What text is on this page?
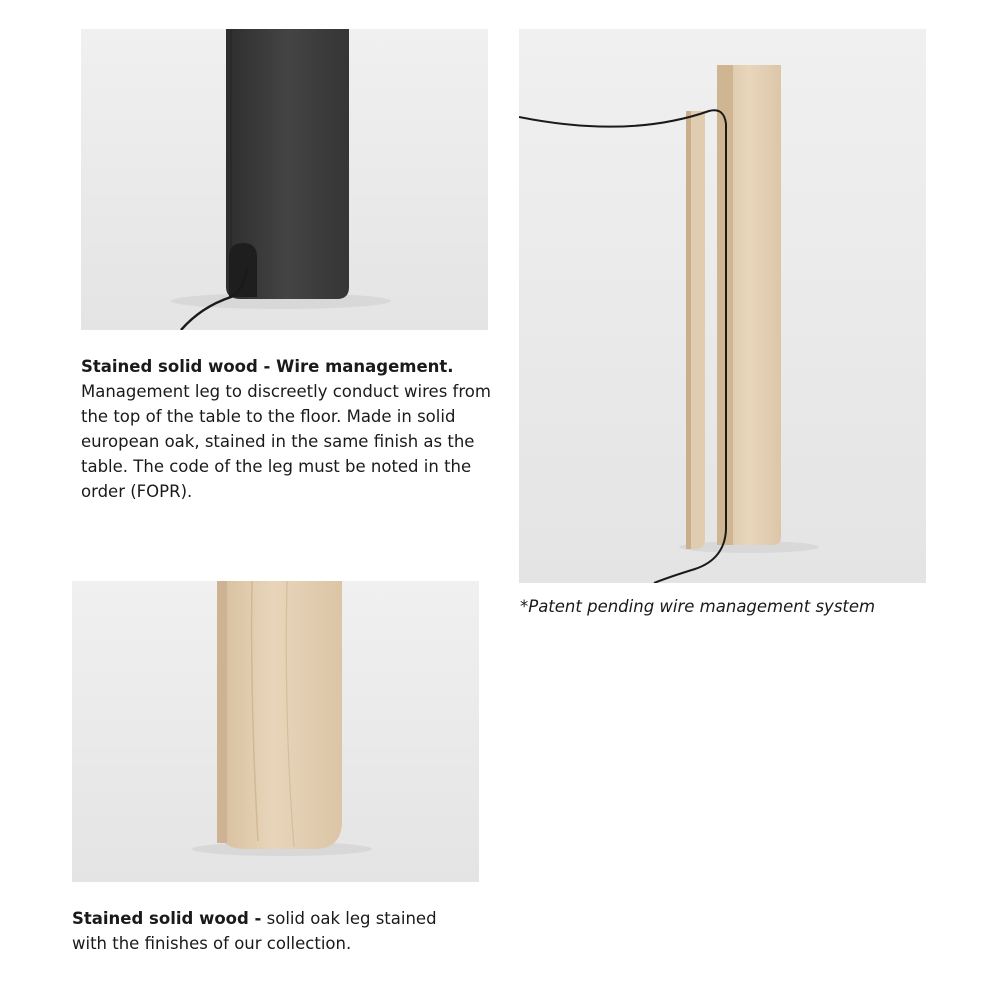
Stained solid wood - Wire management.
Management leg to discreetly conduct wires from the top of the table to the floor. Made in solid european oak, stained in the same finish as the table. The code of the leg must be noted in the order (FOPR).
*Patent pending wire management system
Stained solid wood - solid oak leg stained with the finishes of our collection.
